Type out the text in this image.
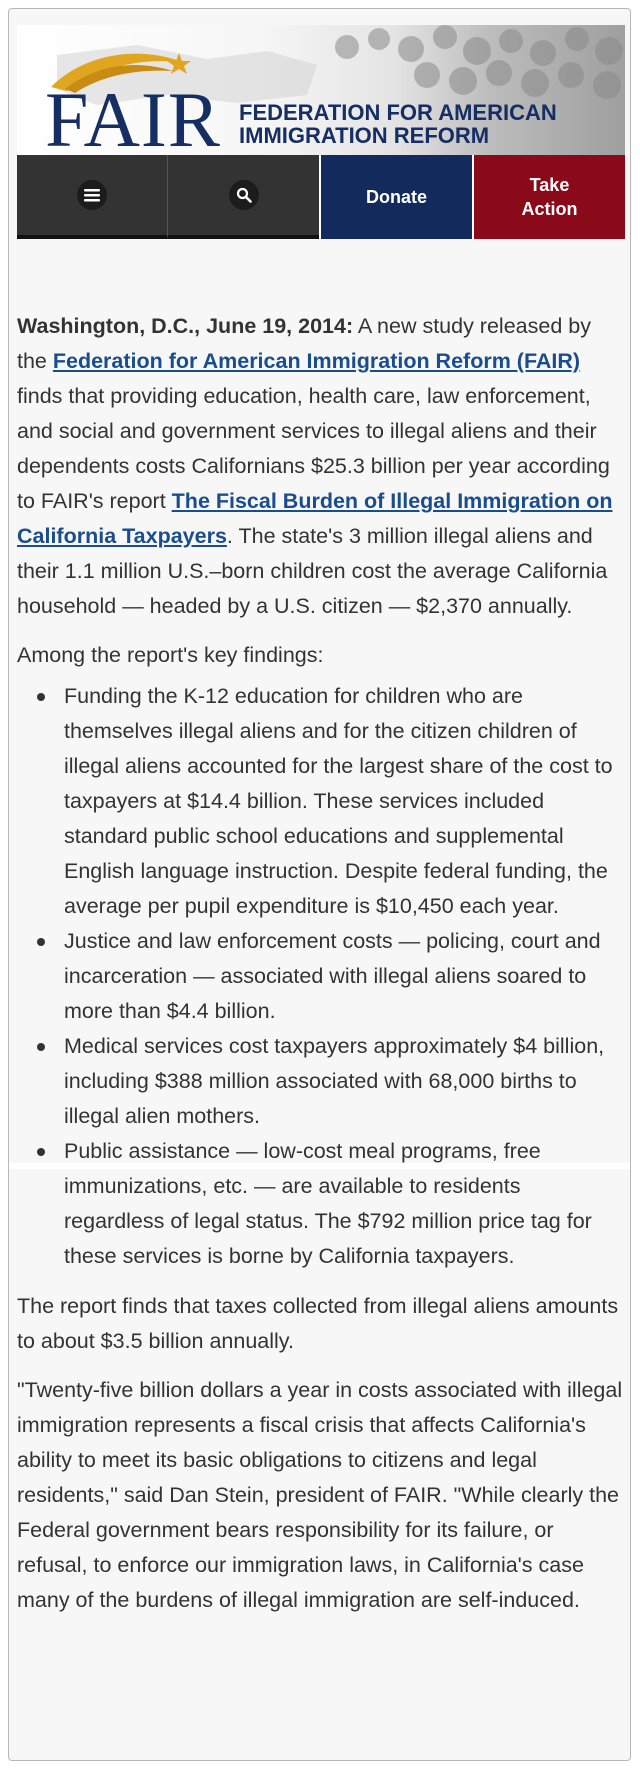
FAIR FEDERATION FOR AMERICAN
IMMIGRATION REFORM
Donate
Take
Action

Washington, D.C., June 19, 2014: A new study released by the Federation for American Immigration Reform (FAIR) finds that providing education, health care, law enforcement, and social and government services to illegal aliens and their dependents costs Californians $25.3 billion per year according to FAIR's report The Fiscal Burden of Illegal Immigration on California Taxpayers. The state's 3 million illegal aliens and their 1.1 million U.S.–born children cost the average California household — headed by a U.S. citizen — $2,370 annually.

Among the report's key findings:

Funding the K-12 education for children who are themselves illegal aliens and for the citizen children of illegal aliens accounted for the largest share of the cost to taxpayers at $14.4 billion. These services included standard public school educations and supplemental English language instruction. Despite federal funding, the average per pupil expenditure is $10,450 each year.
Justice and law enforcement costs — policing, court and incarceration — associated with illegal aliens soared to more than $4.4 billion.
Medical services cost taxpayers approximately $4 billion, including $388 million associated with 68,000 births to illegal alien mothers.
Public assistance — low-cost meal programs, free immunizations, etc. — are available to residents regardless of legal status. The $792 million price tag for these services is borne by California taxpayers.

The report finds that taxes collected from illegal aliens amounts to about $3.5 billion annually.

"Twenty-five billion dollars a year in costs associated with illegal immigration represents a fiscal crisis that affects California's ability to meet its basic obligations to citizens and legal residents," said Dan Stein, president of FAIR. "While clearly the Federal government bears responsibility for its failure, or refusal, to enforce our immigration laws, in California's case many of the burdens of illegal immigration are self-induced.
